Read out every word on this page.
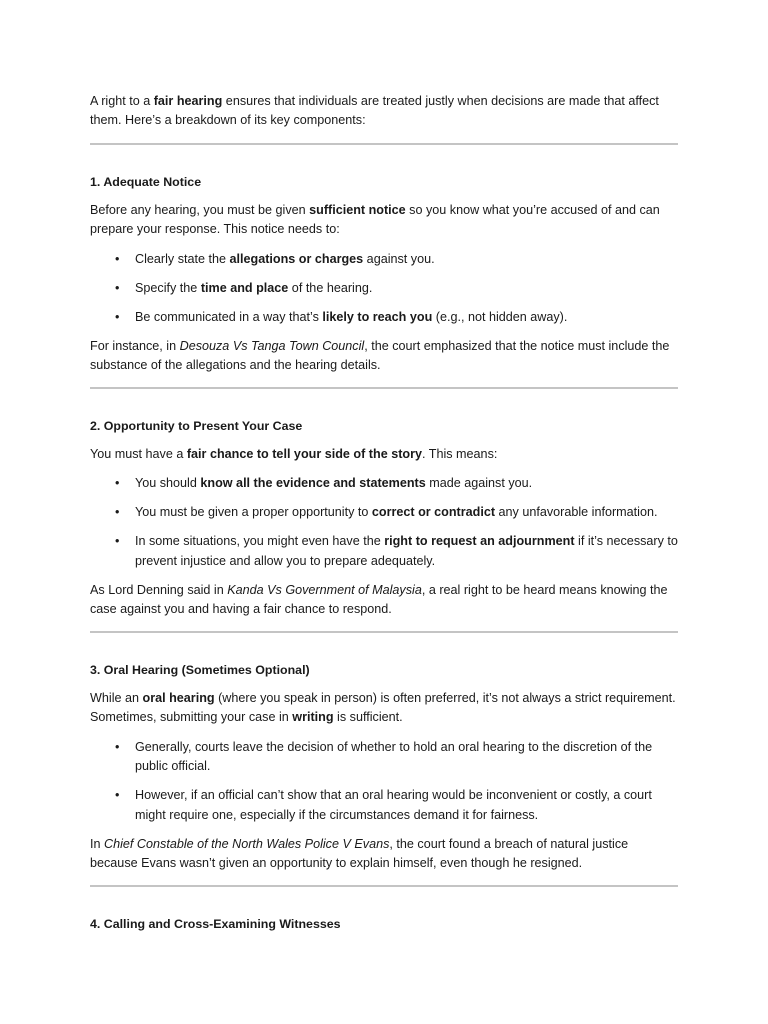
A right to a fair hearing ensures that individuals are treated justly when decisions are made that affect them. Here’s a breakdown of its key components:

1. Adequate Notice

Before any hearing, you must be given sufficient notice so you know what you’re accused of and can prepare your response. This notice needs to:

• Clearly state the allegations or charges against you.
• Specify the time and place of the hearing.
• Be communicated in a way that’s likely to reach you (e.g., not hidden away).

For instance, in Desouza Vs Tanga Town Council, the court emphasized that the notice must include the substance of the allegations and the hearing details.

2. Opportunity to Present Your Case

You must have a fair chance to tell your side of the story. This means:

• You should know all the evidence and statements made against you.
• You must be given a proper opportunity to correct or contradict any unfavorable information.
• In some situations, you might even have the right to request an adjournment if it’s necessary to prevent injustice and allow you to prepare adequately.

As Lord Denning said in Kanda Vs Government of Malaysia, a real right to be heard means knowing the case against you and having a fair chance to respond.

3. Oral Hearing (Sometimes Optional)

While an oral hearing (where you speak in person) is often preferred, it’s not always a strict requirement. Sometimes, submitting your case in writing is sufficient.

• Generally, courts leave the decision of whether to hold an oral hearing to the discretion of the public official.
• However, if an official can’t show that an oral hearing would be inconvenient or costly, a court might require one, especially if the circumstances demand it for fairness.

In Chief Constable of the North Wales Police V Evans, the court found a breach of natural justice because Evans wasn’t given an opportunity to explain himself, even though he resigned.

4. Calling and Cross-Examining Witnesses
